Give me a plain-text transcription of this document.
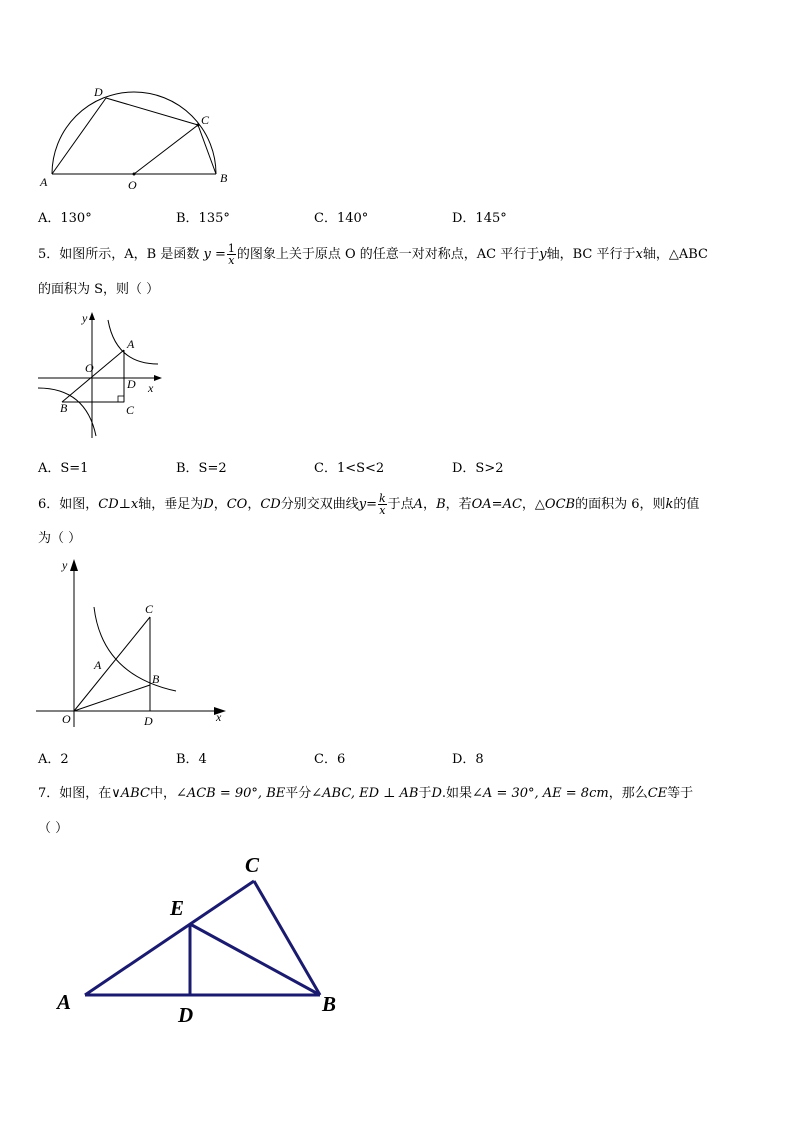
D
C
A	O	B
A．130°	B．135°	C．140°	D．145°
5．如图所示，A，B 是函数 $y = \frac{1}{x}$ 的图象上关于原点 O 的任意一对对称点，AC 平行于y轴，BC 平行于x轴，△ABC
的面积为 S，则（ ）
y
A
O
D x
B	C
A．S=1	B．S=2	C．1<S<2	D．S>2
6．如图，CD⊥x轴，垂足为D，CO，CD分别交双曲线$y= \frac{k}{x}$ 于点A，B，若OA=AC，△OCB的面积为 6，则k的值
为（ ）
y
C
A
B
O	D	x
A．2	B．4	C．6	D．8
7．如图，在∨ABC中，∠ACB = 90°, BE平分∠ABC, ED ⊥ AB于D.如果∠A = 30°, AE = 8cm，那么CE等于
（ ）
C
E
A
D	B
